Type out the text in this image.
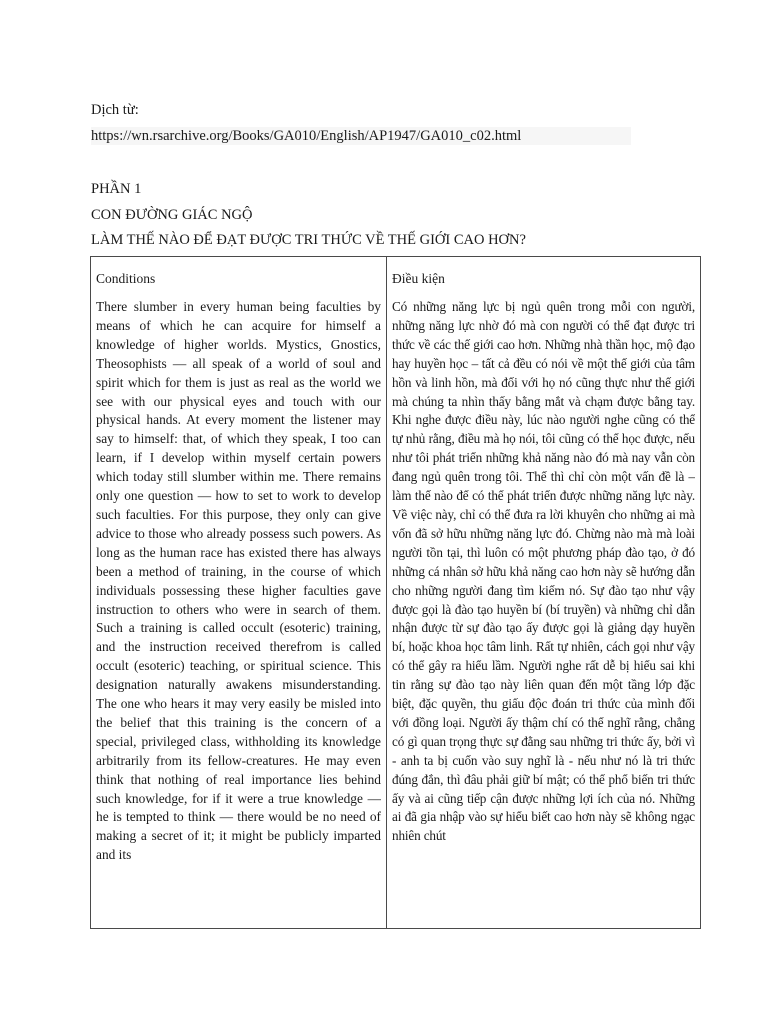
Dịch từ:
https://wn.rsarchive.org/Books/GA010/English/AP1947/GA010_c02.html
PHẦN 1
CON ĐƯỜNG GIÁC NGỘ
LÀM THẾ NÀO ĐỂ ĐẠT ĐƯỢC TRI THỨC VỀ THẾ GIỚI CAO HƠN?
Conditions

There slumber in every human being faculties by means of which he can acquire for himself a knowledge of higher worlds. Mystics, Gnostics, Theosophists — all speak of a world of soul and spirit which for them is just as real as the world we see with our physical eyes and touch with our physical hands. At every moment the listener may say to himself: that, of which they speak, I too can learn, if I develop within myself certain powers which today still slumber within me. There remains only one question — how to set to work to develop such faculties. For this purpose, they only can give advice to those who already possess such powers. As long as the human race has existed there has always been a method of training, in the course of which individuals possessing these higher faculties gave instruction to others who were in search of them. Such a training is called occult (esoteric) training, and the instruction received therefrom is called occult (esoteric) teaching, or spiritual science. This designation naturally awakens misunderstanding. The one who hears it may very easily be misled into the belief that this training is the concern of a special, privileged class, withholding its knowledge arbitrarily from its fellow-creatures. He may even think that nothing of real importance lies behind such knowledge, for if it were a true knowledge — he is tempted to think — there would be no need of making a secret of it; it might be publicly imparted and its

Điều kiện

Có những năng lực bị ngủ quên trong mỗi con người, những năng lực nhờ đó mà con người có thể đạt được tri thức về các thế giới cao hơn. Những nhà thần học, mộ đạo hay huyền học – tất cả đều có nói về một thế giới của tâm hồn và linh hồn, mà đối với họ nó cũng thực như thế giới mà chúng ta nhìn thấy bằng mắt và chạm được bằng tay. Khi nghe được điều này, lúc nào người nghe cũng có thể tự nhủ rằng, điều mà họ nói, tôi cũng có thể học được, nếu như tôi phát triển những khả năng nào đó mà nay vẫn còn đang ngủ quên trong tôi. Thế thì chỉ còn một vấn đề là – làm thế nào để có thể phát triển được những năng lực này. Về việc này, chỉ có thể đưa ra lời khuyên cho những ai mà vốn đã sở hữu những năng lực đó. Chừng nào mà mà loài người tồn tại, thì luôn có một phương pháp đào tạo, ở đó những cá nhân sở hữu khả năng cao hơn này sẽ hướng dẫn cho những người đang tìm kiếm nó. Sự đào tạo như vậy được gọi là đào tạo huyền bí (bí truyền) và những chỉ dẫn nhận được từ sự đào tạo ấy được gọi là giảng dạy huyền bí, hoặc khoa học tâm linh. Rất tự nhiên, cách gọi như vậy có thể gây ra hiểu lầm. Người nghe rất dễ bị hiểu sai khi tin rằng sự đào tạo này liên quan đến một tầng lớp đặc biệt, đặc quyền, thu giấu độc đoán tri thức của mình đối với đồng loại. Người ấy thậm chí có thể nghĩ rằng, chẳng có gì quan trọng thực sự đằng sau những tri thức ấy, bởi vì - anh ta bị cuốn vào suy nghĩ là - nếu như nó là tri thức đúng đắn, thì đâu phải giữ bí mật; có thể phổ biến tri thức ấy và ai cũng tiếp cận được những lợi ích của nó. Những ai đã gia nhập vào sự hiểu biết cao hơn này sẽ không ngạc nhiên chút
